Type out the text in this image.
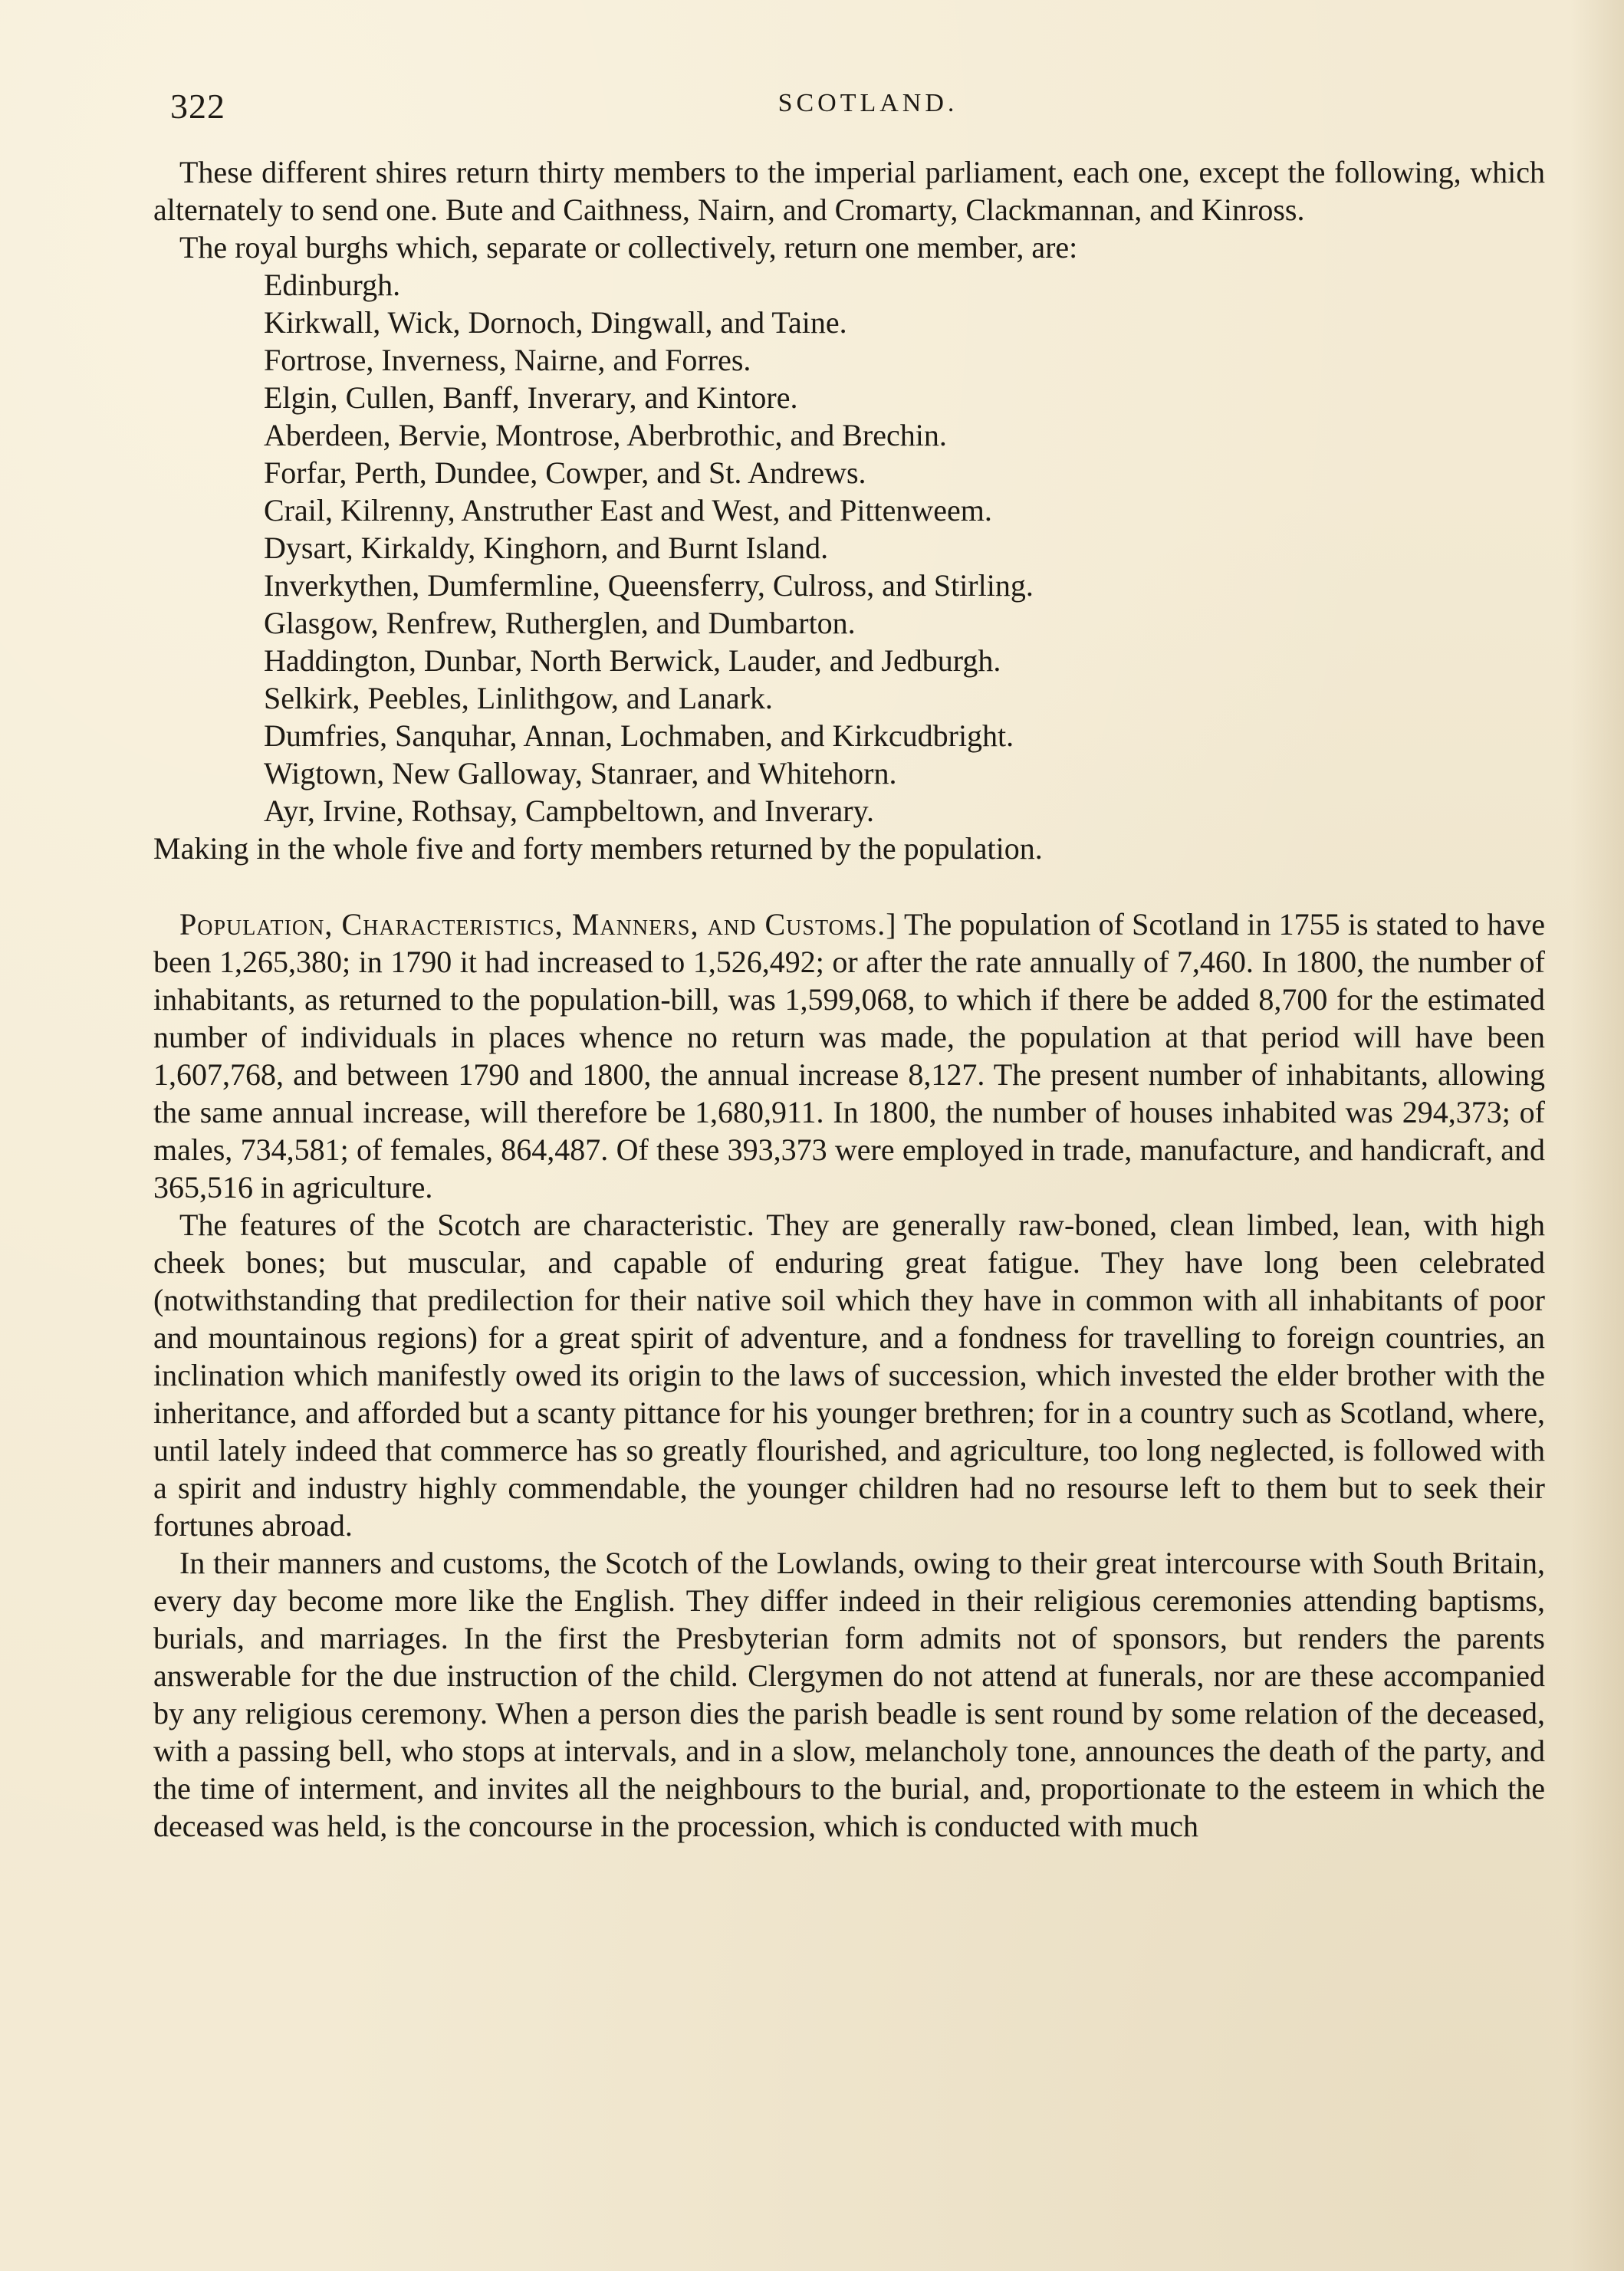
322	SCOTLAND.

These different shires return thirty members to the imperial parliament, each one, except the following, which alternately to send one. Bute and Caithness, Nairn, and Cromarty, Clackmannan, and Kinross.

The royal burghs which, separate or collectively, return one member, are:

Edinburgh.
Kirkwall, Wick, Dornoch, Dingwall, and Taine.
Fortrose, Inverness, Nairne, and Forres.
Elgin, Cullen, Banff, Inverary, and Kintore.
Aberdeen, Bervie, Montrose, Aberbrothic, and Brechin.
Forfar, Perth, Dundee, Cowper, and St. Andrews.
Crail, Kilrenny, Anstruther East and West, and Pittenweem.
Dysart, Kirkaldy, Kinghorn, and Burnt Island.
Inverkythen, Dumfermline, Queensferry, Culross, and Stirling.
Glasgow, Renfrew, Rutherglen, and Dumbarton.
Haddington, Dunbar, North Berwick, Lauder, and Jedburgh.
Selkirk, Peebles, Linlithgow, and Lanark.
Dumfries, Sanquhar, Annan, Lochmaben, and Kirkcudbright.
Wigtown, New Galloway, Stanraer, and Whitehorn.
Ayr, Irvine, Rothsay, Campbeltown, and Inverary.

Making in the whole five and forty members returned by the population.

Population, Characteristics, Manners, and Customs.] The population of Scotland in 1755 is stated to have been 1,265,380; in 1790 it had increased to 1,526,492; or after the rate annually of 7,460. In 1800, the number of inhabitants, as returned to the population-bill, was 1,599,068, to which if there be added 8,700 for the estimated number of individuals in places whence no return was made, the population at that period will have been 1,607,768, and between 1790 and 1800, the annual increase 8,127. The present number of inhabitants, allowing the same annual increase, will therefore be 1,680,911. In 1800, the number of houses inhabited was 294,373; of males, 734,581; of females, 864,487. Of these 393,373 were employed in trade, manufacture, and handicraft, and 365,516 in agriculture.

The features of the Scotch are characteristic. They are generally raw-boned, clean limbed, lean, with high cheek bones; but muscular, and capable of enduring great fatigue. They have long been celebrated (notwithstanding that predilection for their native soil which they have in common with all inhabitants of poor and mountainous regions) for a great spirit of adventure, and a fondness for travelling to foreign countries, an inclination which manifestly owed its origin to the laws of succession, which invested the elder brother with the inheritance, and afforded but a scanty pittance for his younger brethren; for in a country such as Scotland, where, until lately indeed that commerce has so greatly flourished, and agriculture, too long neglected, is followed with a spirit and industry highly commendable, the younger children had no resourse left to them but to seek their fortunes abroad.

In their manners and customs, the Scotch of the Lowlands, owing to their great intercourse with South Britain, every day become more like the English. They differ indeed in their religious ceremonies attending baptisms, burials, and marriages. In the first the Presbyterian form admits not of sponsors, but renders the parents answerable for the due instruction of the child. Clergymen do not attend at funerals, nor are these accompanied by any religious ceremony. When a person dies the parish beadle is sent round by some relation of the deceased, with a passing bell, who stops at intervals, and in a slow, melancholy tone, announces the death of the party, and the time of interment, and invites all the neighbours to the burial, and, proportionate to the esteem in which the deceased was held, is the concourse in the procession, which is conducted with much
